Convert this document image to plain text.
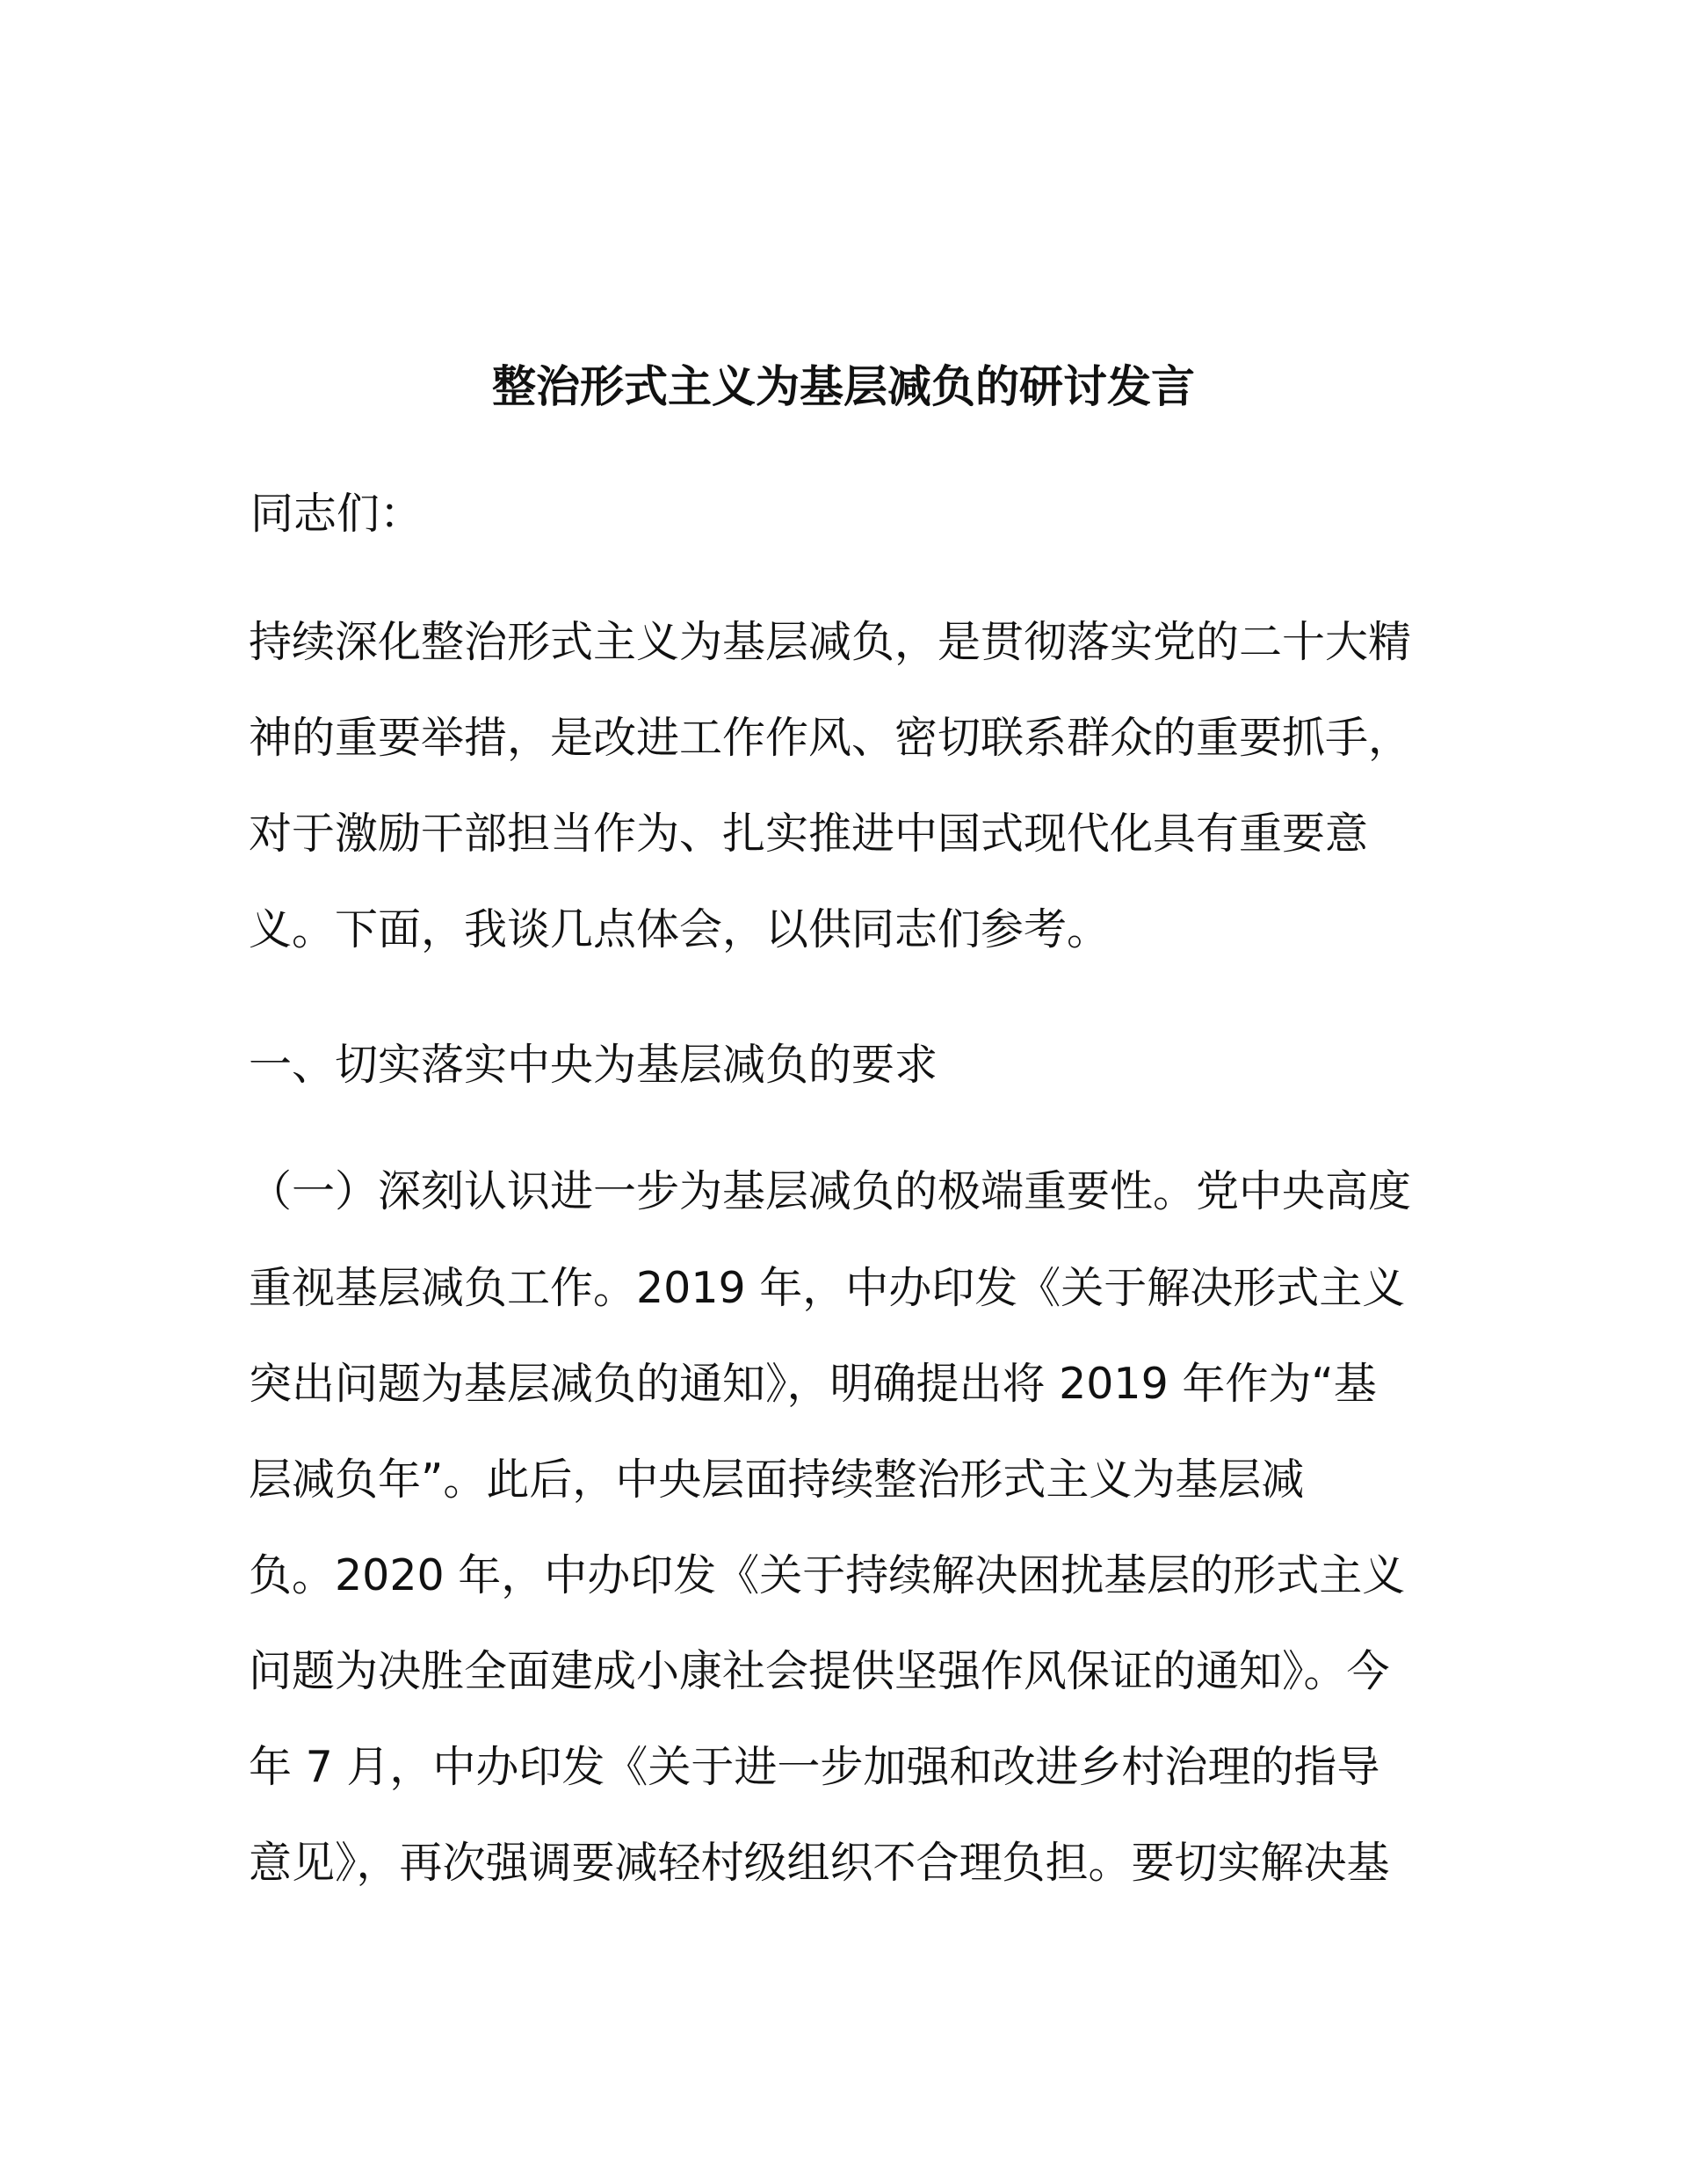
整治形式主义为基层减负的研讨发言
同志们：
持续深化整治形式主义为基层减负，是贯彻落实党的二十大精
神的重要举措，是改进工作作风、密切联系群众的重要抓手，
对于激励干部担当作为、扎实推进中国式现代化具有重要意
义。下面，我谈几点体会，以供同志们参考。
一、切实落实中央为基层减负的要求
（一）深刻认识进一步为基层减负的极端重要性。党中央高度
重视基层减负工作。2019 年，中办印发《关于解决形式主义
突出问题为基层减负的通知》，明确提出将 2019 年作为“基
层减负年”。此后，中央层面持续整治形式主义为基层减
负。2020 年，中办印发《关于持续解决困扰基层的形式主义
问题为决胜全面建成小康社会提供坚强作风保证的通知》。今
年 7 月，中办印发《关于进一步加强和改进乡村治理的指导
意见》，再次强调要减轻村级组织不合理负担。要切实解决基
